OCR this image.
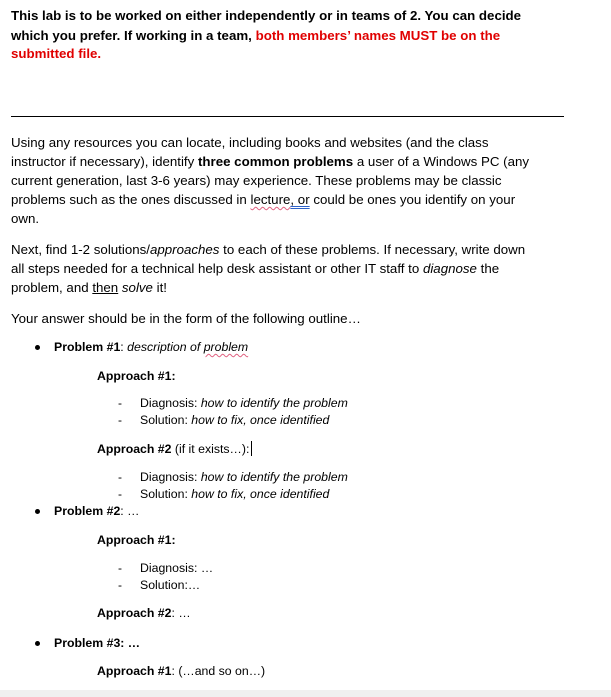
This lab is to be worked on either independently or in teams of 2. You can decide
which you prefer. If working in a team, both members’ names MUST be on the
submitted file.
Using any resources you can locate, including books and websites (and the class
instructor if necessary), identify three common problems a user of a Windows PC (any
current generation, last 3-6 years) may experience. These problems may be classic
problems such as the ones discussed in lecture, or could be ones you identify on your
own.
Next, find 1-2 solutions/approaches to each of these problems. If necessary, write down
all steps needed for a technical help desk assistant or other IT staff to diagnose the
problem, and then solve it!
Your answer should be in the form of the following outline…
Problem #1: description of problem
Approach #1:
- Diagnosis: how to identify the problem
- Solution: how to fix, once identified
Approach #2 (if it exists…):
- Diagnosis: how to identify the problem
- Solution: how to fix, once identified
Problem #2: …
Approach #1:
- Diagnosis: …
- Solution:…
Approach #2: …
Problem #3: …
Approach #1: (…and so on…)
